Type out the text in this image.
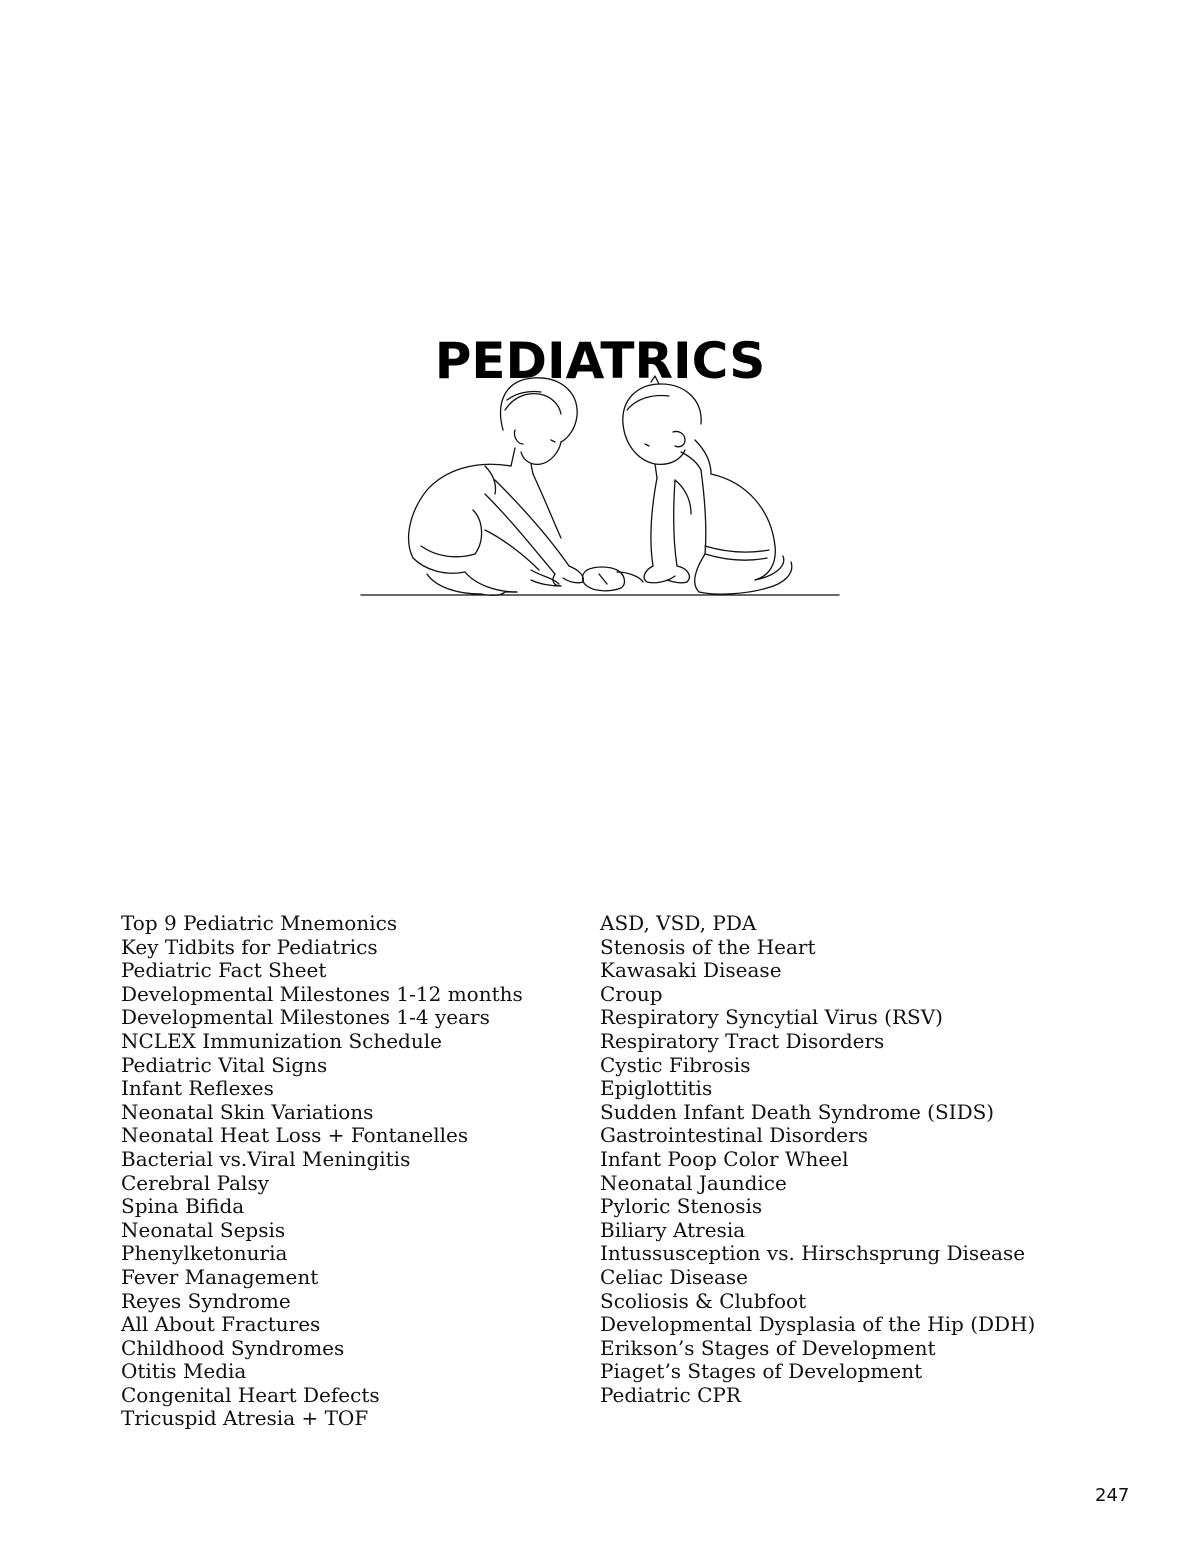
PEDIATRICS
Top 9 Pediatric Mnemonics
Key Tidbits for Pediatrics
Pediatric Fact Sheet
Developmental Milestones 1-12 months
Developmental Milestones 1-4 years
NCLEX Immunization Schedule
Pediatric Vital Signs
Infant Reflexes
Neonatal Skin Variations
Neonatal Heat Loss + Fontanelles
Bacterial vs.Viral Meningitis
Cerebral Palsy
Spina Bifida
Neonatal Sepsis
Phenylketonuria
Fever Management
Reyes Syndrome
All About Fractures
Childhood Syndromes
Otitis Media
Congenital Heart Defects
Tricuspid Atresia + TOF
ASD, VSD, PDA
Stenosis of the Heart
Kawasaki Disease
Croup
Respiratory Syncytial Virus (RSV)
Respiratory Tract Disorders
Cystic Fibrosis
Epiglottitis
Sudden Infant Death Syndrome (SIDS)
Gastrointestinal Disorders
Infant Poop Color Wheel
Neonatal Jaundice
Pyloric Stenosis
Biliary Atresia
Intussusception vs. Hirschsprung Disease
Celiac Disease
Scoliosis & Clubfoot
Developmental Dysplasia of the Hip (DDH)
Erikson’s Stages of Development
Piaget’s Stages of Development
Pediatric CPR
247
